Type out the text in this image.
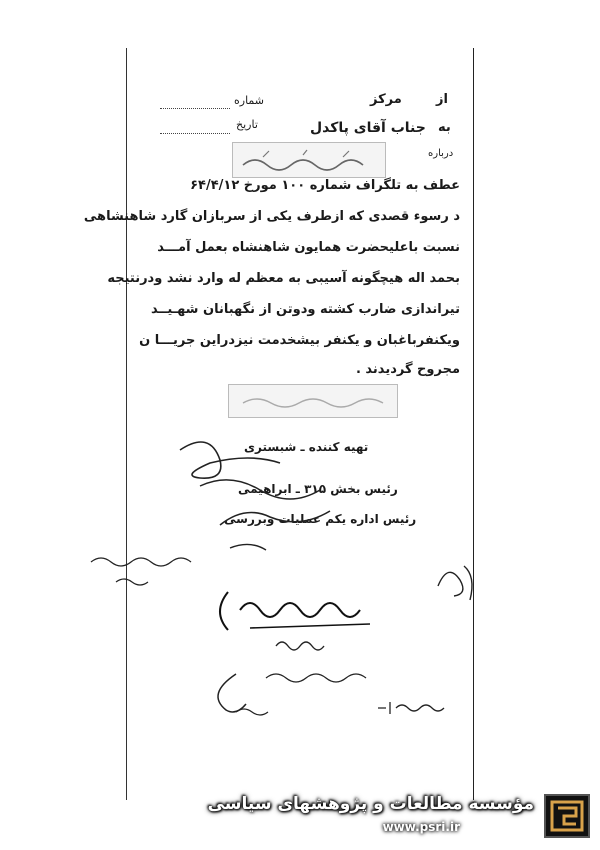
از
مرکز
شماره
به
جناب آقای پاکدل
تاریخ
درباره
عطف به تلگراف شماره ۱۰۰ مورخ ۶۴/۴/۱۲
د رسوء قصدی که ازطرف یکی از سربازان گارد شاهنشاهی
نسبت باعلیحضرت همایون شاهنشاه بعمل آمـــد
بحمد اله هیچگونه آسیبی به معظم له وارد نشد ودرنتیجه
تیراندازی ضارب کشته ودوتن از نگهبانان شهـیــد
ویکنفرباغبان و یکنفر بیشخدمت نیزدراین جریـــا ن
مجروح گردیدند .
تهیه کننده ـ شبستری
رئیس بخش ۳۱۵ ـ ابراهیمی
رئیس اداره یکم عملیات وبررسی
مؤسسه مطالعات و پژوهشهای سیاسی
www.psri.ir
